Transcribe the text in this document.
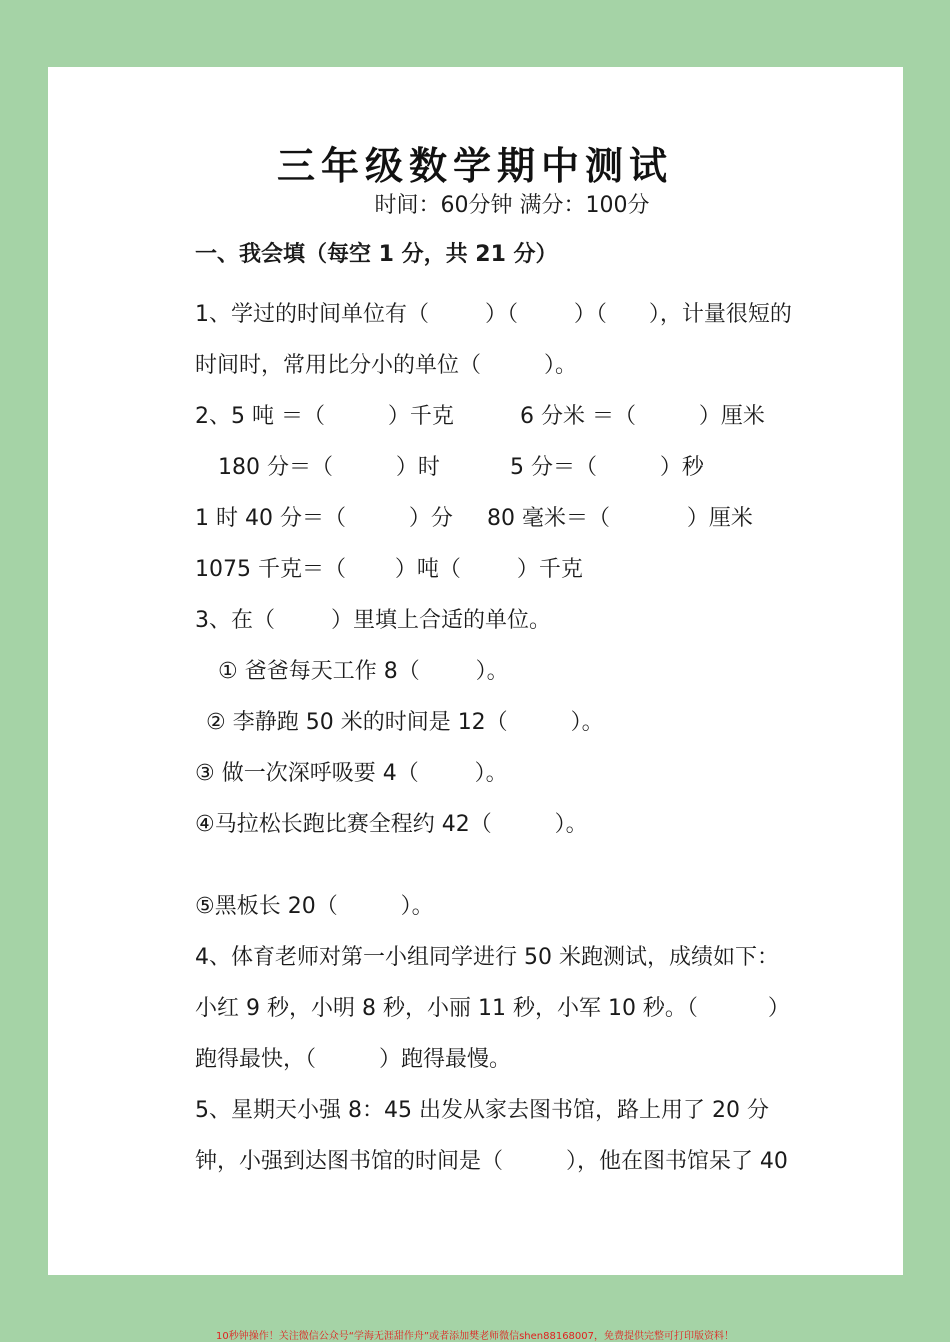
三年级数学期中测试
时间：60分钟 满分：100分
一、我会填（每空 1 分，共 21 分）
1、学过的时间单位有（        ）（        ）（      ），计量很短的
时间时，常用比分小的单位（         ）。
2、5 吨 ＝（         ）千克	6 分米 ＝（         ）厘米
180 分＝（         ）时	5 分＝（         ）秒
1 时 40 分＝（         ）分 80 毫米＝（           ）厘米
1075 千克＝（       ）吨（        ）千克
3、在（        ）里填上合适的单位。
① 爸爸每天工作 8（        ）。
② 李静跑 50 米的时间是 12（         ）。
③ 做一次深呼吸要 4（        ）。
④马拉松长跑比赛全程约 42（         ）。
⑤黑板长 20（         ）。
4、体育老师对第一小组同学进行 50 米跑测试，成绩如下：
小红 9 秒，小明 8 秒，小丽 11 秒，小军 10 秒。（          ）
跑得最快，（         ）跑得最慢。
5、星期天小强 8：45 出发从家去图书馆，路上用了 20 分
钟，小强到达图书馆的时间是（         ），他在图书馆呆了 40
10秒钟操作！关注微信公众号“学海无涯甜作舟”或者添加樊老师微信shen88168007，免费提供完整可打印版资料！
